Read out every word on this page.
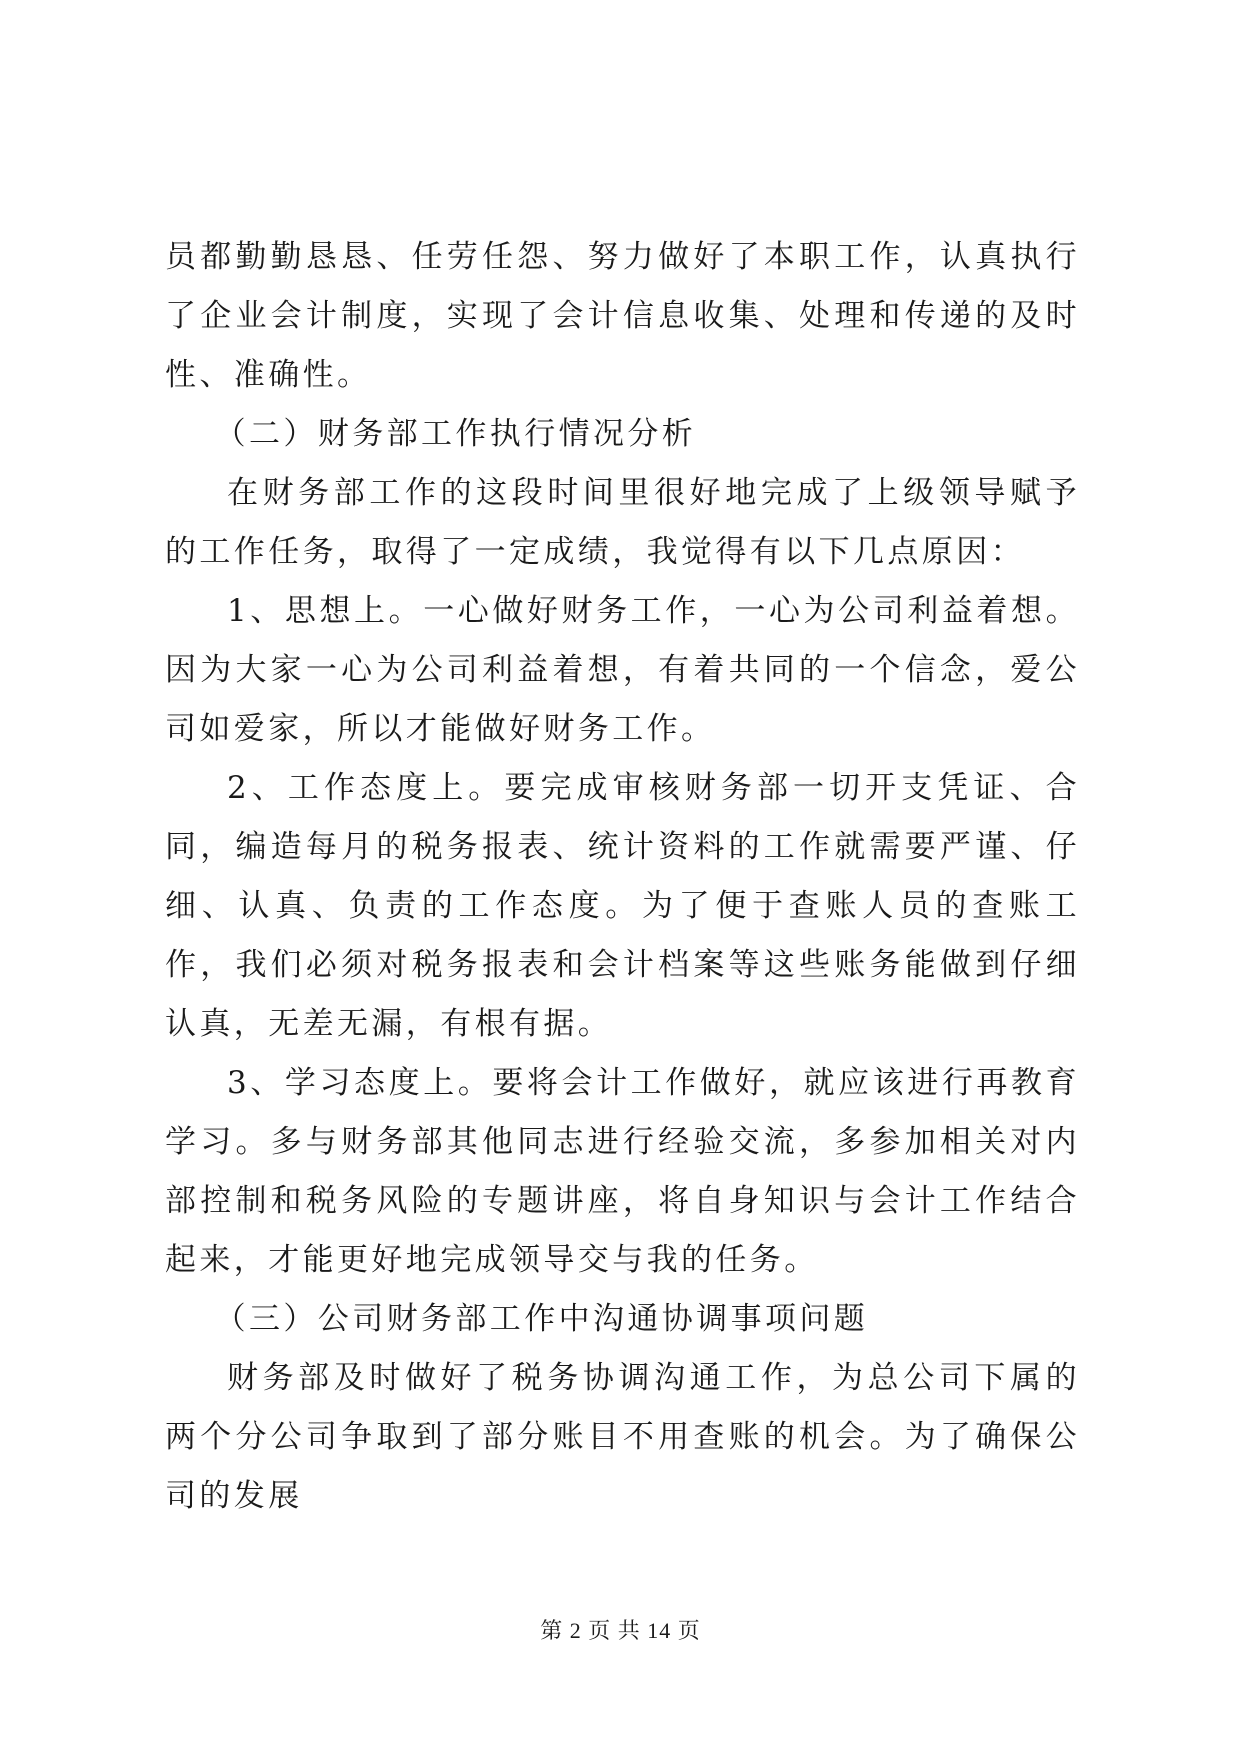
员都勤勤恳恳、任劳任怨、努力做好了本职工作，认真执行了企业会计制度，实现了会计信息收集、处理和传递的及时性、准确性。

（二）财务部工作执行情况分析

在财务部工作的这段时间里很好地完成了上级领导赋予的工作任务，取得了一定成绩，我觉得有以下几点原因：

1、思想上。一心做好财务工作，一心为公司利益着想。因为大家一心为公司利益着想，有着共同的一个信念，爱公司如爱家，所以才能做好财务工作。

2、工作态度上。要完成审核财务部一切开支凭证、合同，编造每月的税务报表、统计资料的工作就需要严谨、仔细、认真、负责的工作态度。为了便于查账人员的查账工作，我们必须对税务报表和会计档案等这些账务能做到仔细认真，无差无漏，有根有据。

3、学习态度上。要将会计工作做好，就应该进行再教育学习。多与财务部其他同志进行经验交流，多参加相关对内部控制和税务风险的专题讲座，将自身知识与会计工作结合起来，才能更好地完成领导交与我的任务。

（三）公司财务部工作中沟通协调事项问题

财务部及时做好了税务协调沟通工作，为总公司下属的两个分公司争取到了部分账目不用查账的机会。为了确保公司的发展

第 2 页 共 14 页
